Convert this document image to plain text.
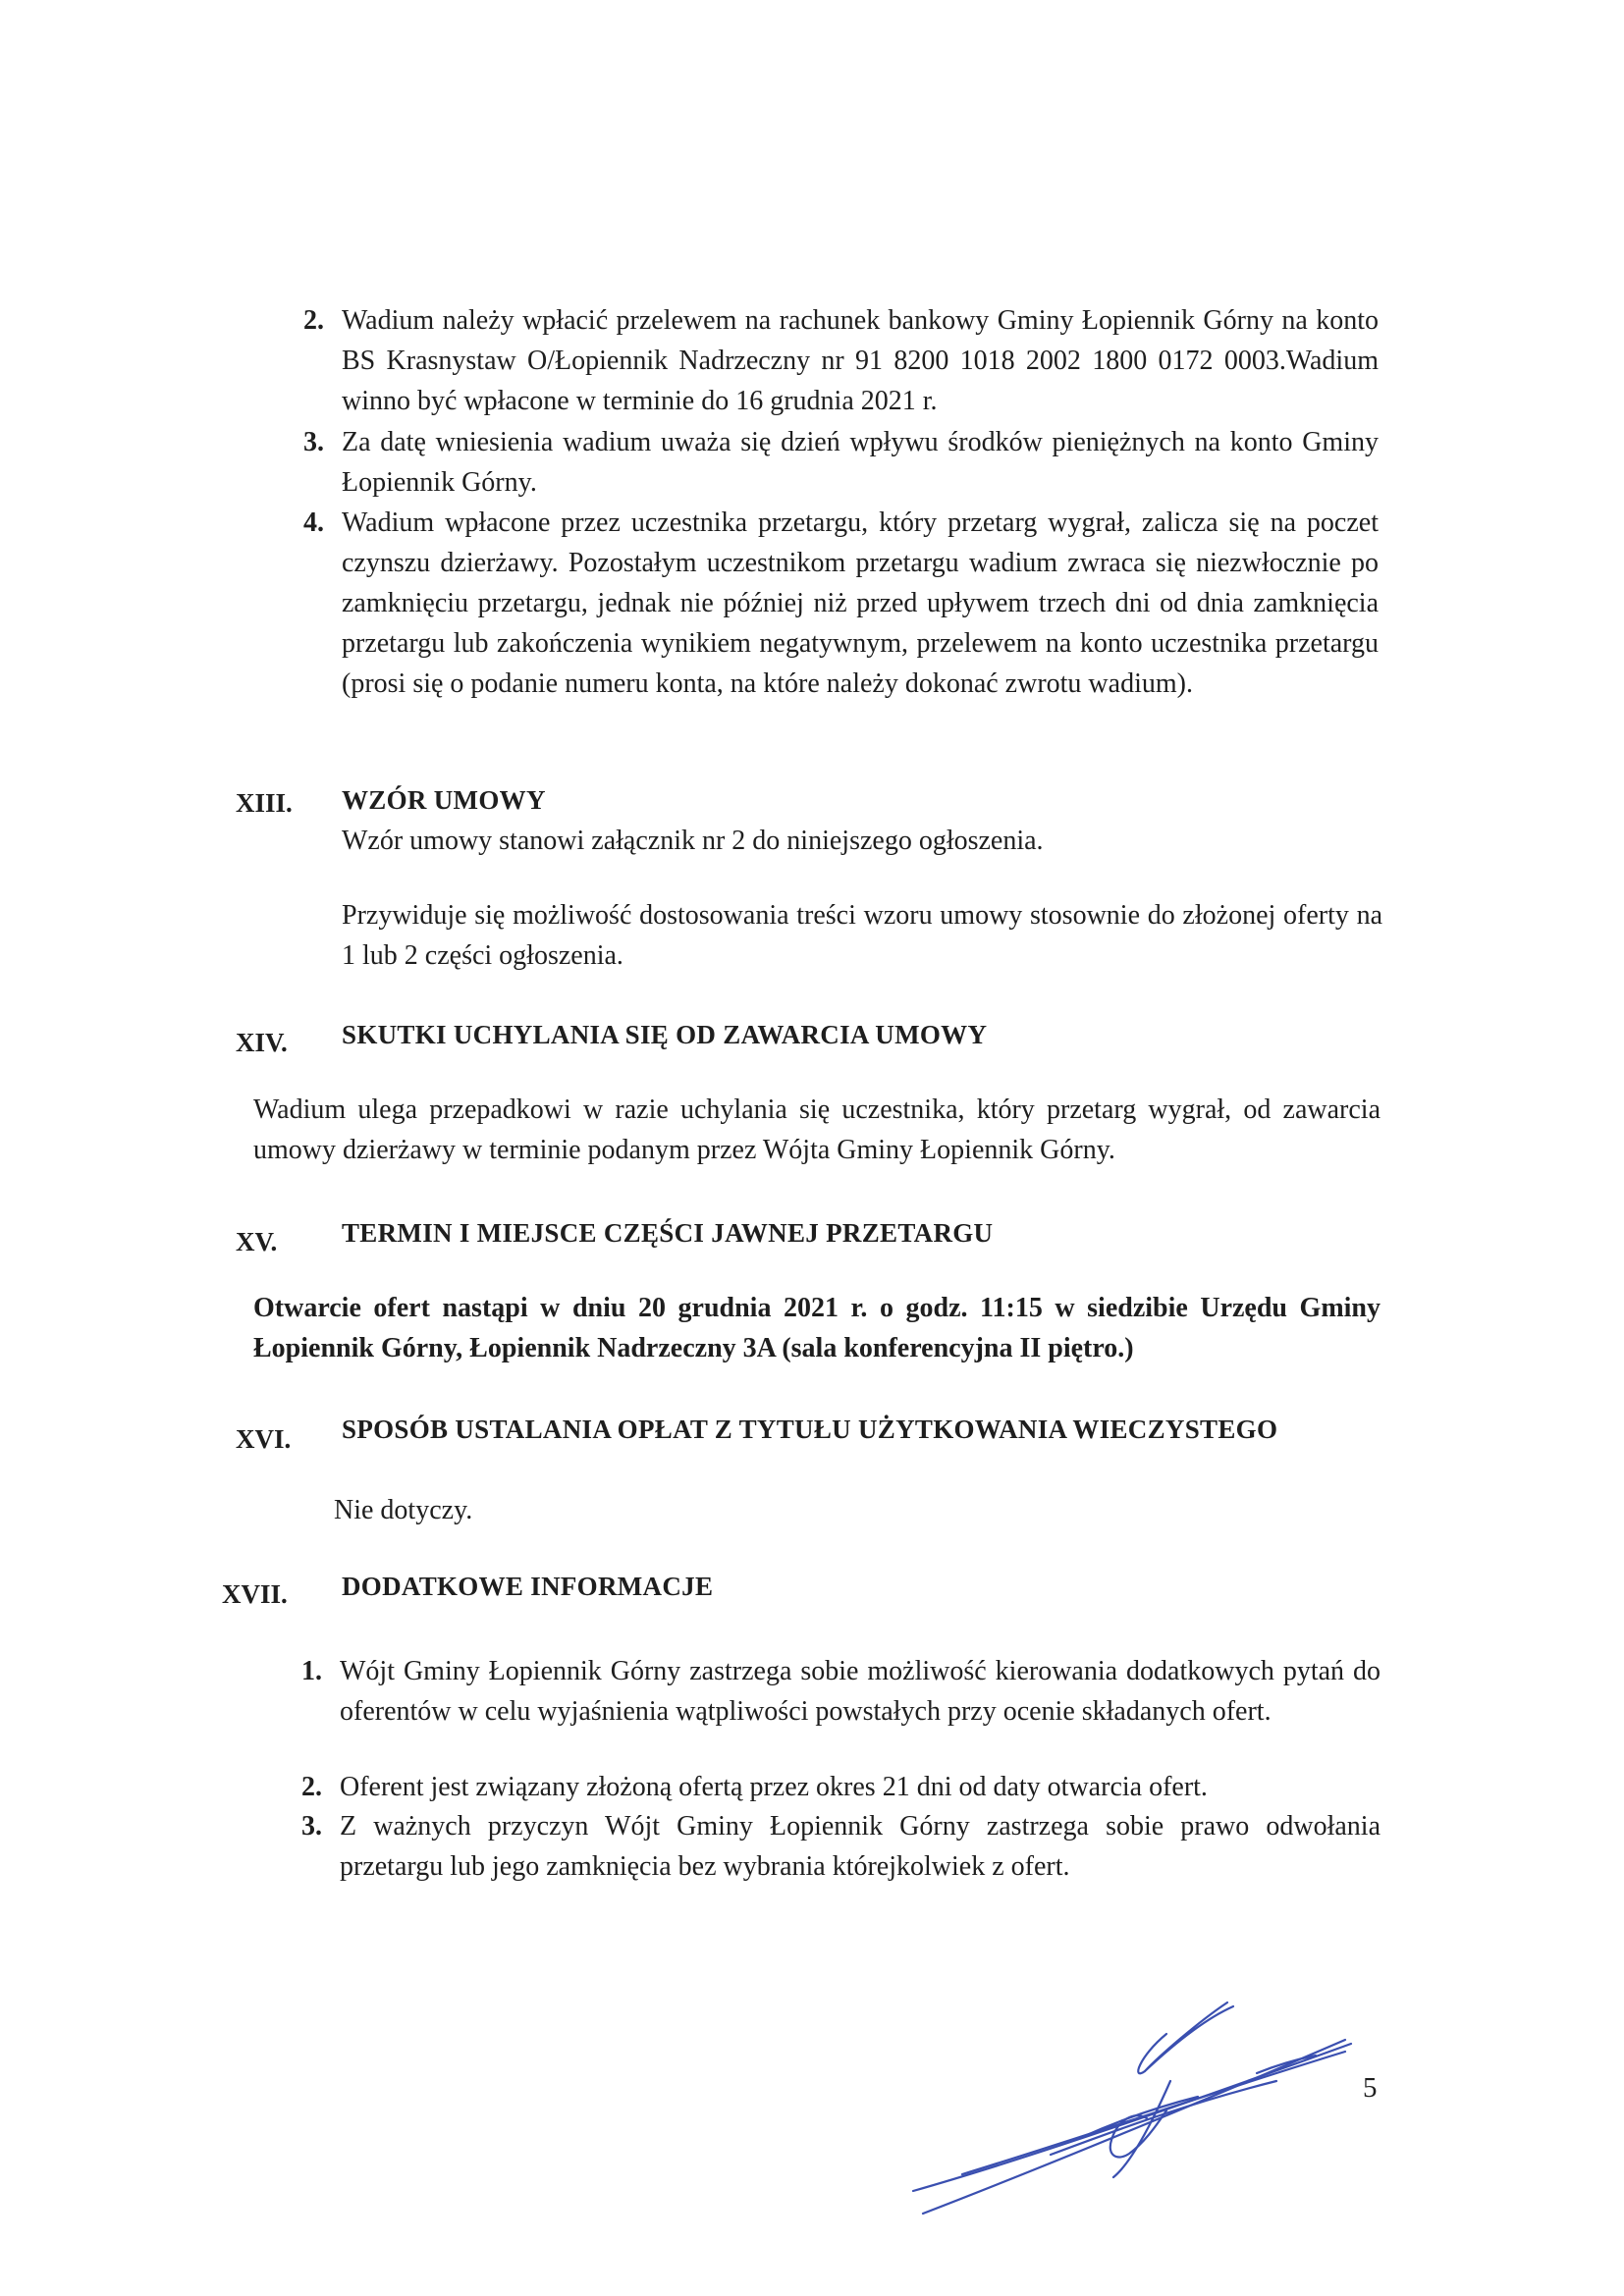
2. Wadium należy wpłacić przelewem na rachunek bankowy Gminy Łopiennik Górny na konto BS Krasnystaw O/Łopiennik Nadrzeczny nr 91 8200 1018 2002 1800 0172 0003.Wadium winno być wpłacone w terminie do 16 grudnia 2021 r.

3. Za datę wniesienia wadium uważa się dzień wpływu środków pieniężnych na konto Gminy Łopiennik Górny.

4. Wadium wpłacone przez uczestnika przetargu, który przetarg wygrał, zalicza się na poczet czynszu dzierżawy. Pozostałym uczestnikom przetargu wadium zwraca się niezwłocznie po zamknięciu przetargu, jednak nie później niż przed upływem trzech dni od dnia zamknięcia przetargu lub zakończenia wynikiem negatywnym, przelewem na konto uczestnika przetargu (prosi się o podanie numeru konta, na które należy dokonać zwrotu wadium).

XIII. WZÓR UMOWY

Wzór umowy stanowi załącznik nr 2 do niniejszego ogłoszenia.

Przywiduje się możliwość dostosowania treści wzoru umowy stosownie do złożonej oferty na 1 lub 2 części ogłoszenia.

XIV. SKUTKI UCHYLANIA SIĘ OD ZAWARCIA UMOWY

Wadium ulega przepadkowi w razie uchylania się uczestnika, który przetarg wygrał, od zawarcia umowy dzierżawy w terminie podanym przez Wójta Gminy Łopiennik Górny.

XV. TERMIN I MIEJSCE CZĘŚCI JAWNEJ PRZETARGU

Otwarcie ofert nastąpi w dniu 20 grudnia 2021 r. o godz. 11:15 w siedzibie Urzędu Gminy Łopiennik Górny, Łopiennik Nadrzeczny 3A (sala konferencyjna II piętro.)

XVI. SPOSÓB USTALANIA OPŁAT Z TYTUŁU UŻYTKOWANIA WIECZYSTEGO

Nie dotyczy.

XVII. DODATKOWE INFORMACJE

1. Wójt Gminy Łopiennik Górny zastrzega sobie możliwość kierowania dodatkowych pytań do oferentów w celu wyjaśnienia wątpliwości powstałych przy ocenie składanych ofert.

2. Oferent jest związany złożoną ofertą przez okres 21 dni od daty otwarcia ofert.

3. Z ważnych przyczyn Wójt Gminy Łopiennik Górny zastrzega sobie prawo odwołania przetargu lub jego zamknięcia bez wybrania którejkolwiek z ofert.

5
